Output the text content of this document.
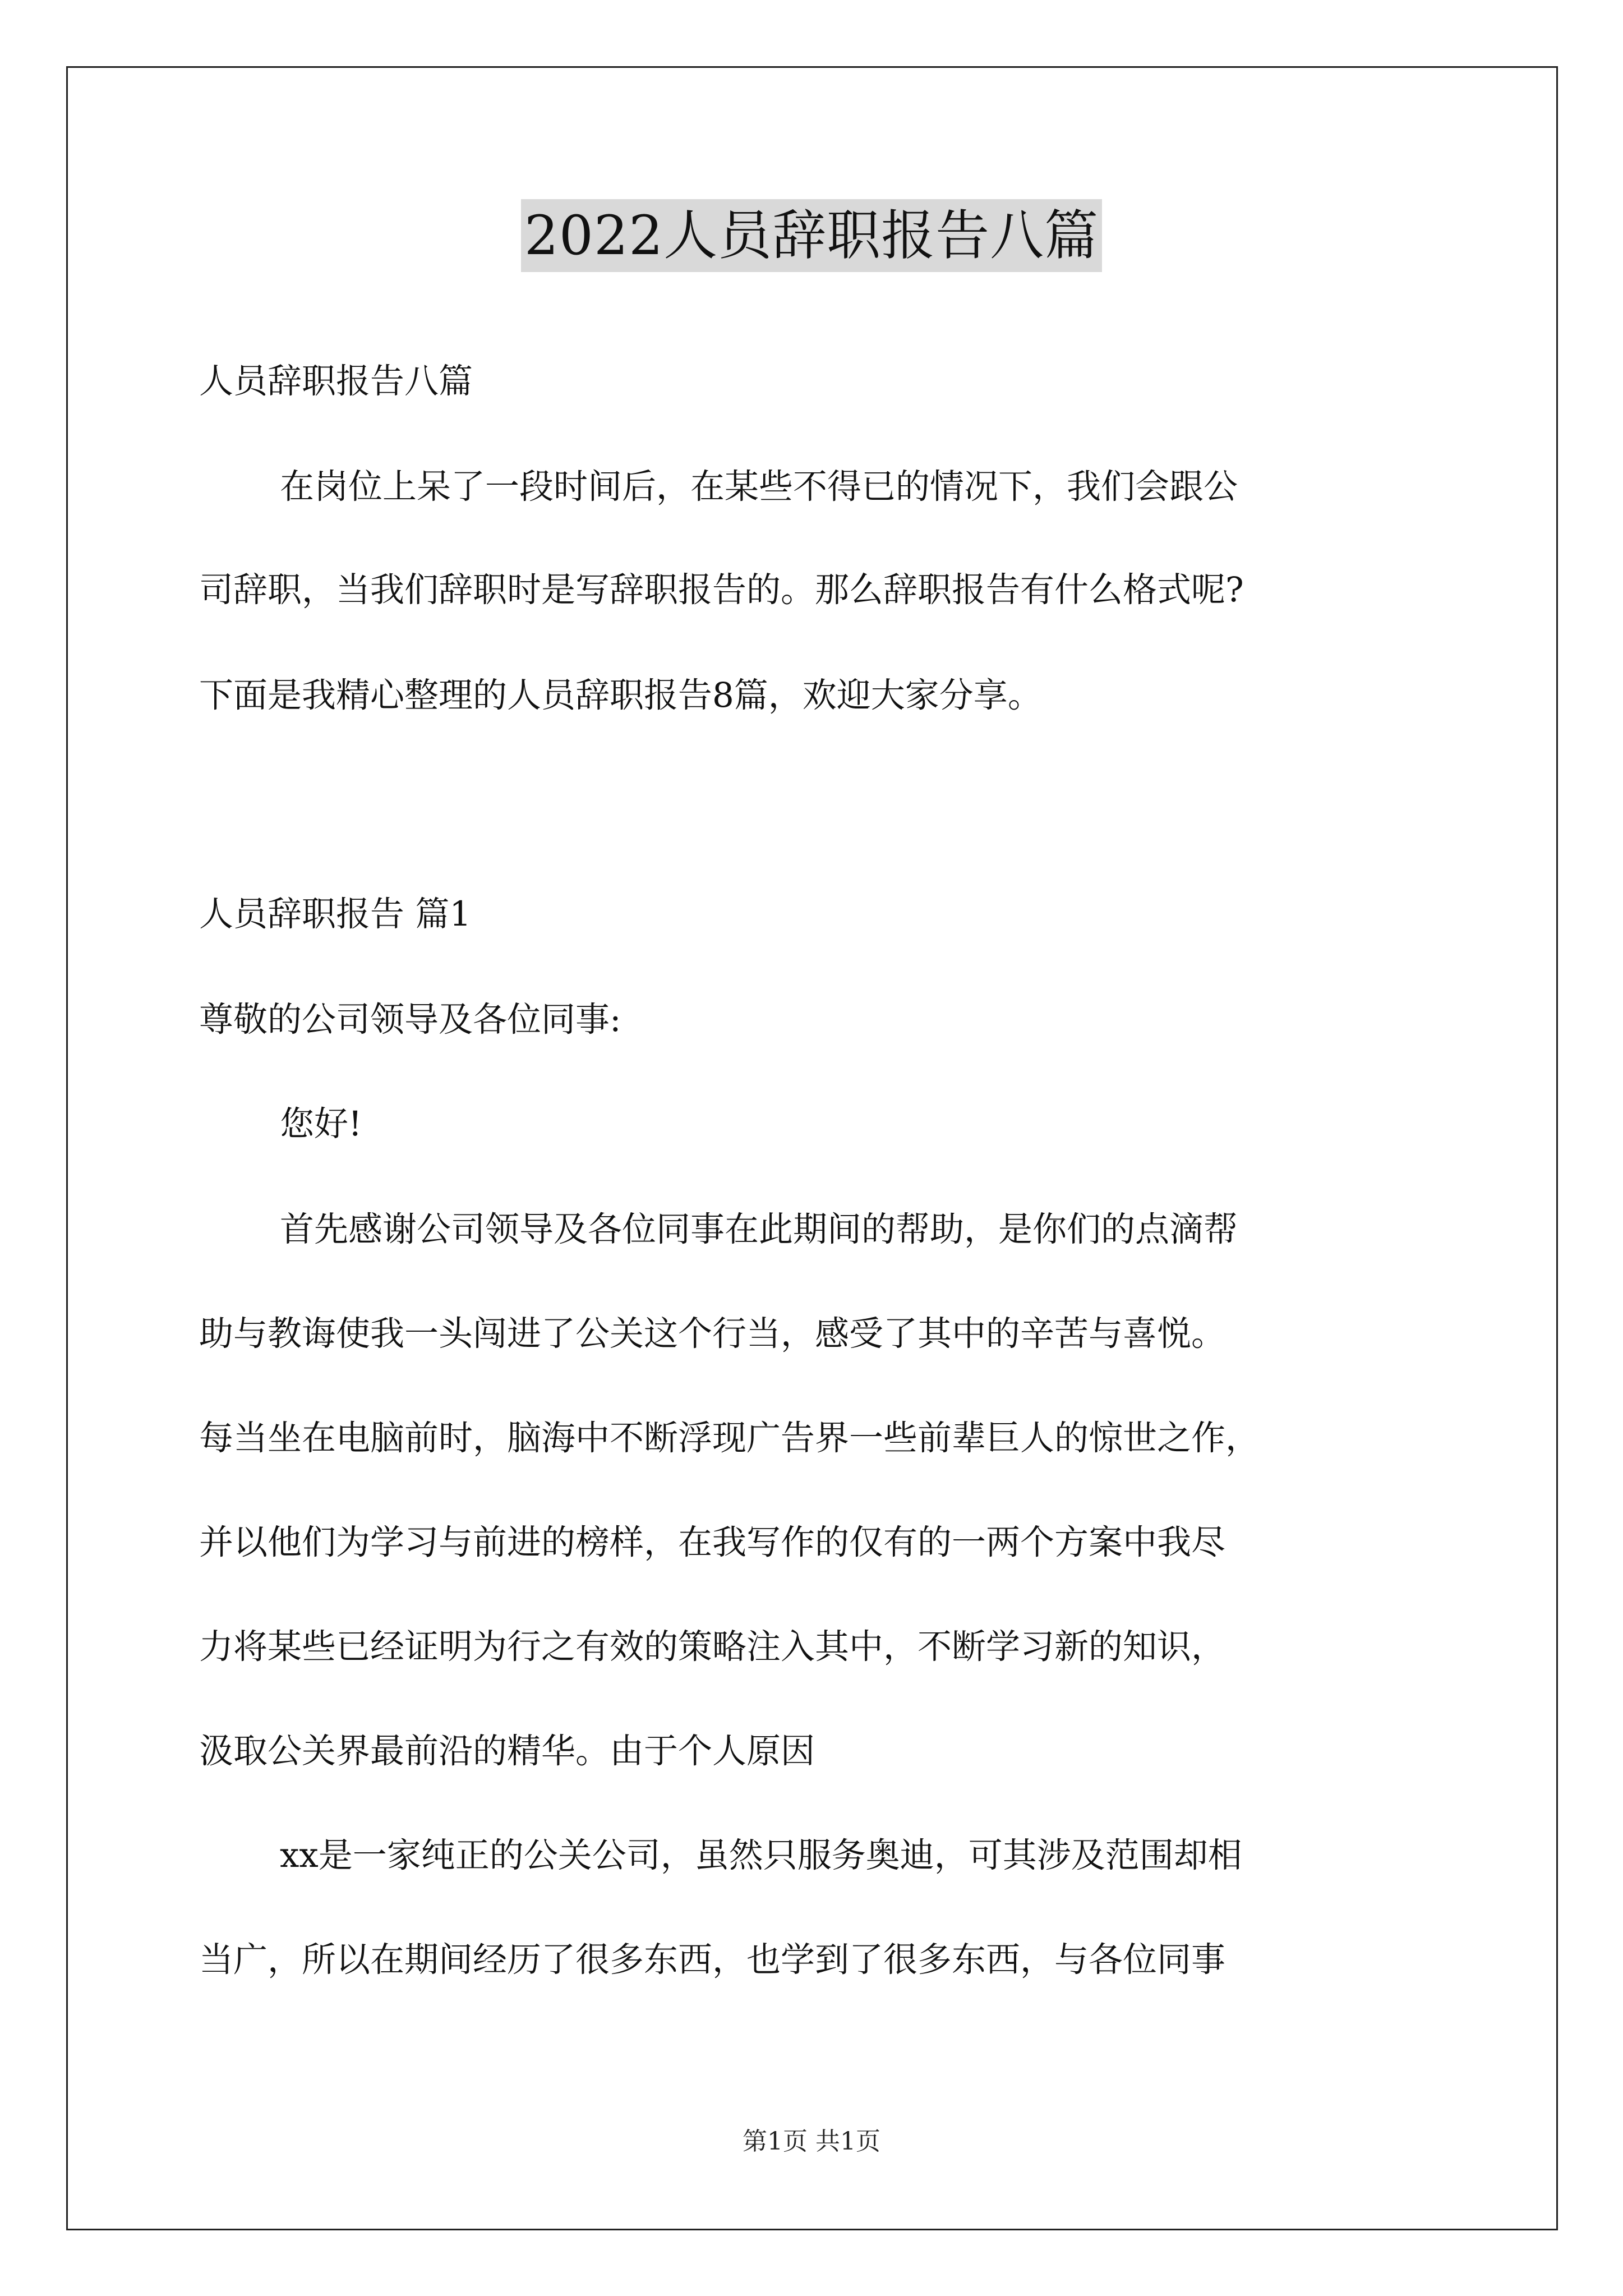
2022人员辞职报告八篇
人员辞职报告八篇
在岗位上呆了一段时间后，在某些不得已的情况下，我们会跟公
司辞职，当我们辞职时是写辞职报告的。那么辞职报告有什么格式呢?
下面是我精心整理的人员辞职报告8篇，欢迎大家分享。
人员辞职报告 篇1
尊敬的公司领导及各位同事:
您好!
首先感谢公司领导及各位同事在此期间的帮助，是你们的点滴帮
助与教诲使我一头闯进了公关这个行当，感受了其中的辛苦与喜悦。
每当坐在电脑前时，脑海中不断浮现广告界一些前辈巨人的惊世之作，
并以他们为学习与前进的榜样，在我写作的仅有的一两个方案中我尽
力将某些已经证明为行之有效的策略注入其中，不断学习新的知识，
汲取公关界最前沿的精华。由于个人原因
xx是一家纯正的公关公司，虽然只服务奥迪，可其涉及范围却相
当广，所以在期间经历了很多东西，也学到了很多东西，与各位同事
第1页 共1页
